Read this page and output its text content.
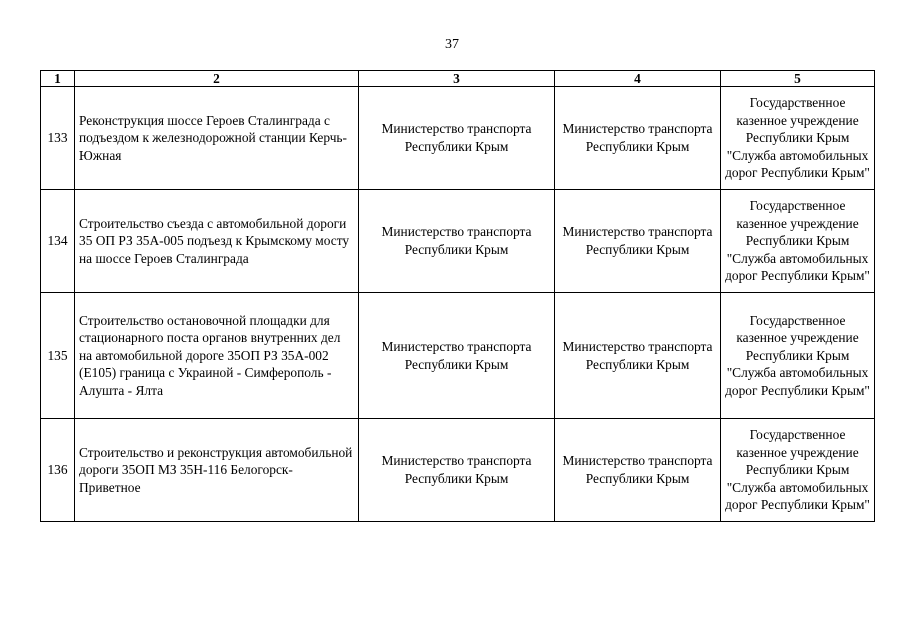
37
1	2	3	4	5
133	Реконструкция шоссе Героев Сталинграда с подъездом к железнодорожной станции Керчь-Южная	Министерство транспорта Республики Крым	Министерство транспорта Республики Крым	Государственное казенное учреждение Республики Крым "Служба автомобильных дорог Республики Крым"
134	Строительство съезда с автомобильной дороги 35 ОП РЗ 35А-005 подъезд к Крымскому мосту на шоссе Героев Сталинграда	Министерство транспорта Республики Крым	Министерство транспорта Республики Крым	Государственное казенное учреждение Республики Крым "Служба автомобильных дорог Республики Крым"
135	Строительство остановочной площадки для стационарного поста органов внутренних дел на автомобильной дороге 35ОП РЗ 35А-002 (Е105) граница с Украиной - Симферополь - Алушта - Ялта	Министерство транспорта Республики Крым	Министерство транспорта Республики Крым	Государственное казенное учреждение Республики Крым "Служба автомобильных дорог Республики Крым"
136	Строительство и реконструкция автомобильной дороги 35ОП МЗ 35Н-116 Белогорск-Приветное	Министерство транспорта Республики Крым	Министерство транспорта Республики Крым	Государственное казенное учреждение Республики Крым "Служба автомобильных дорог Республики Крым"
